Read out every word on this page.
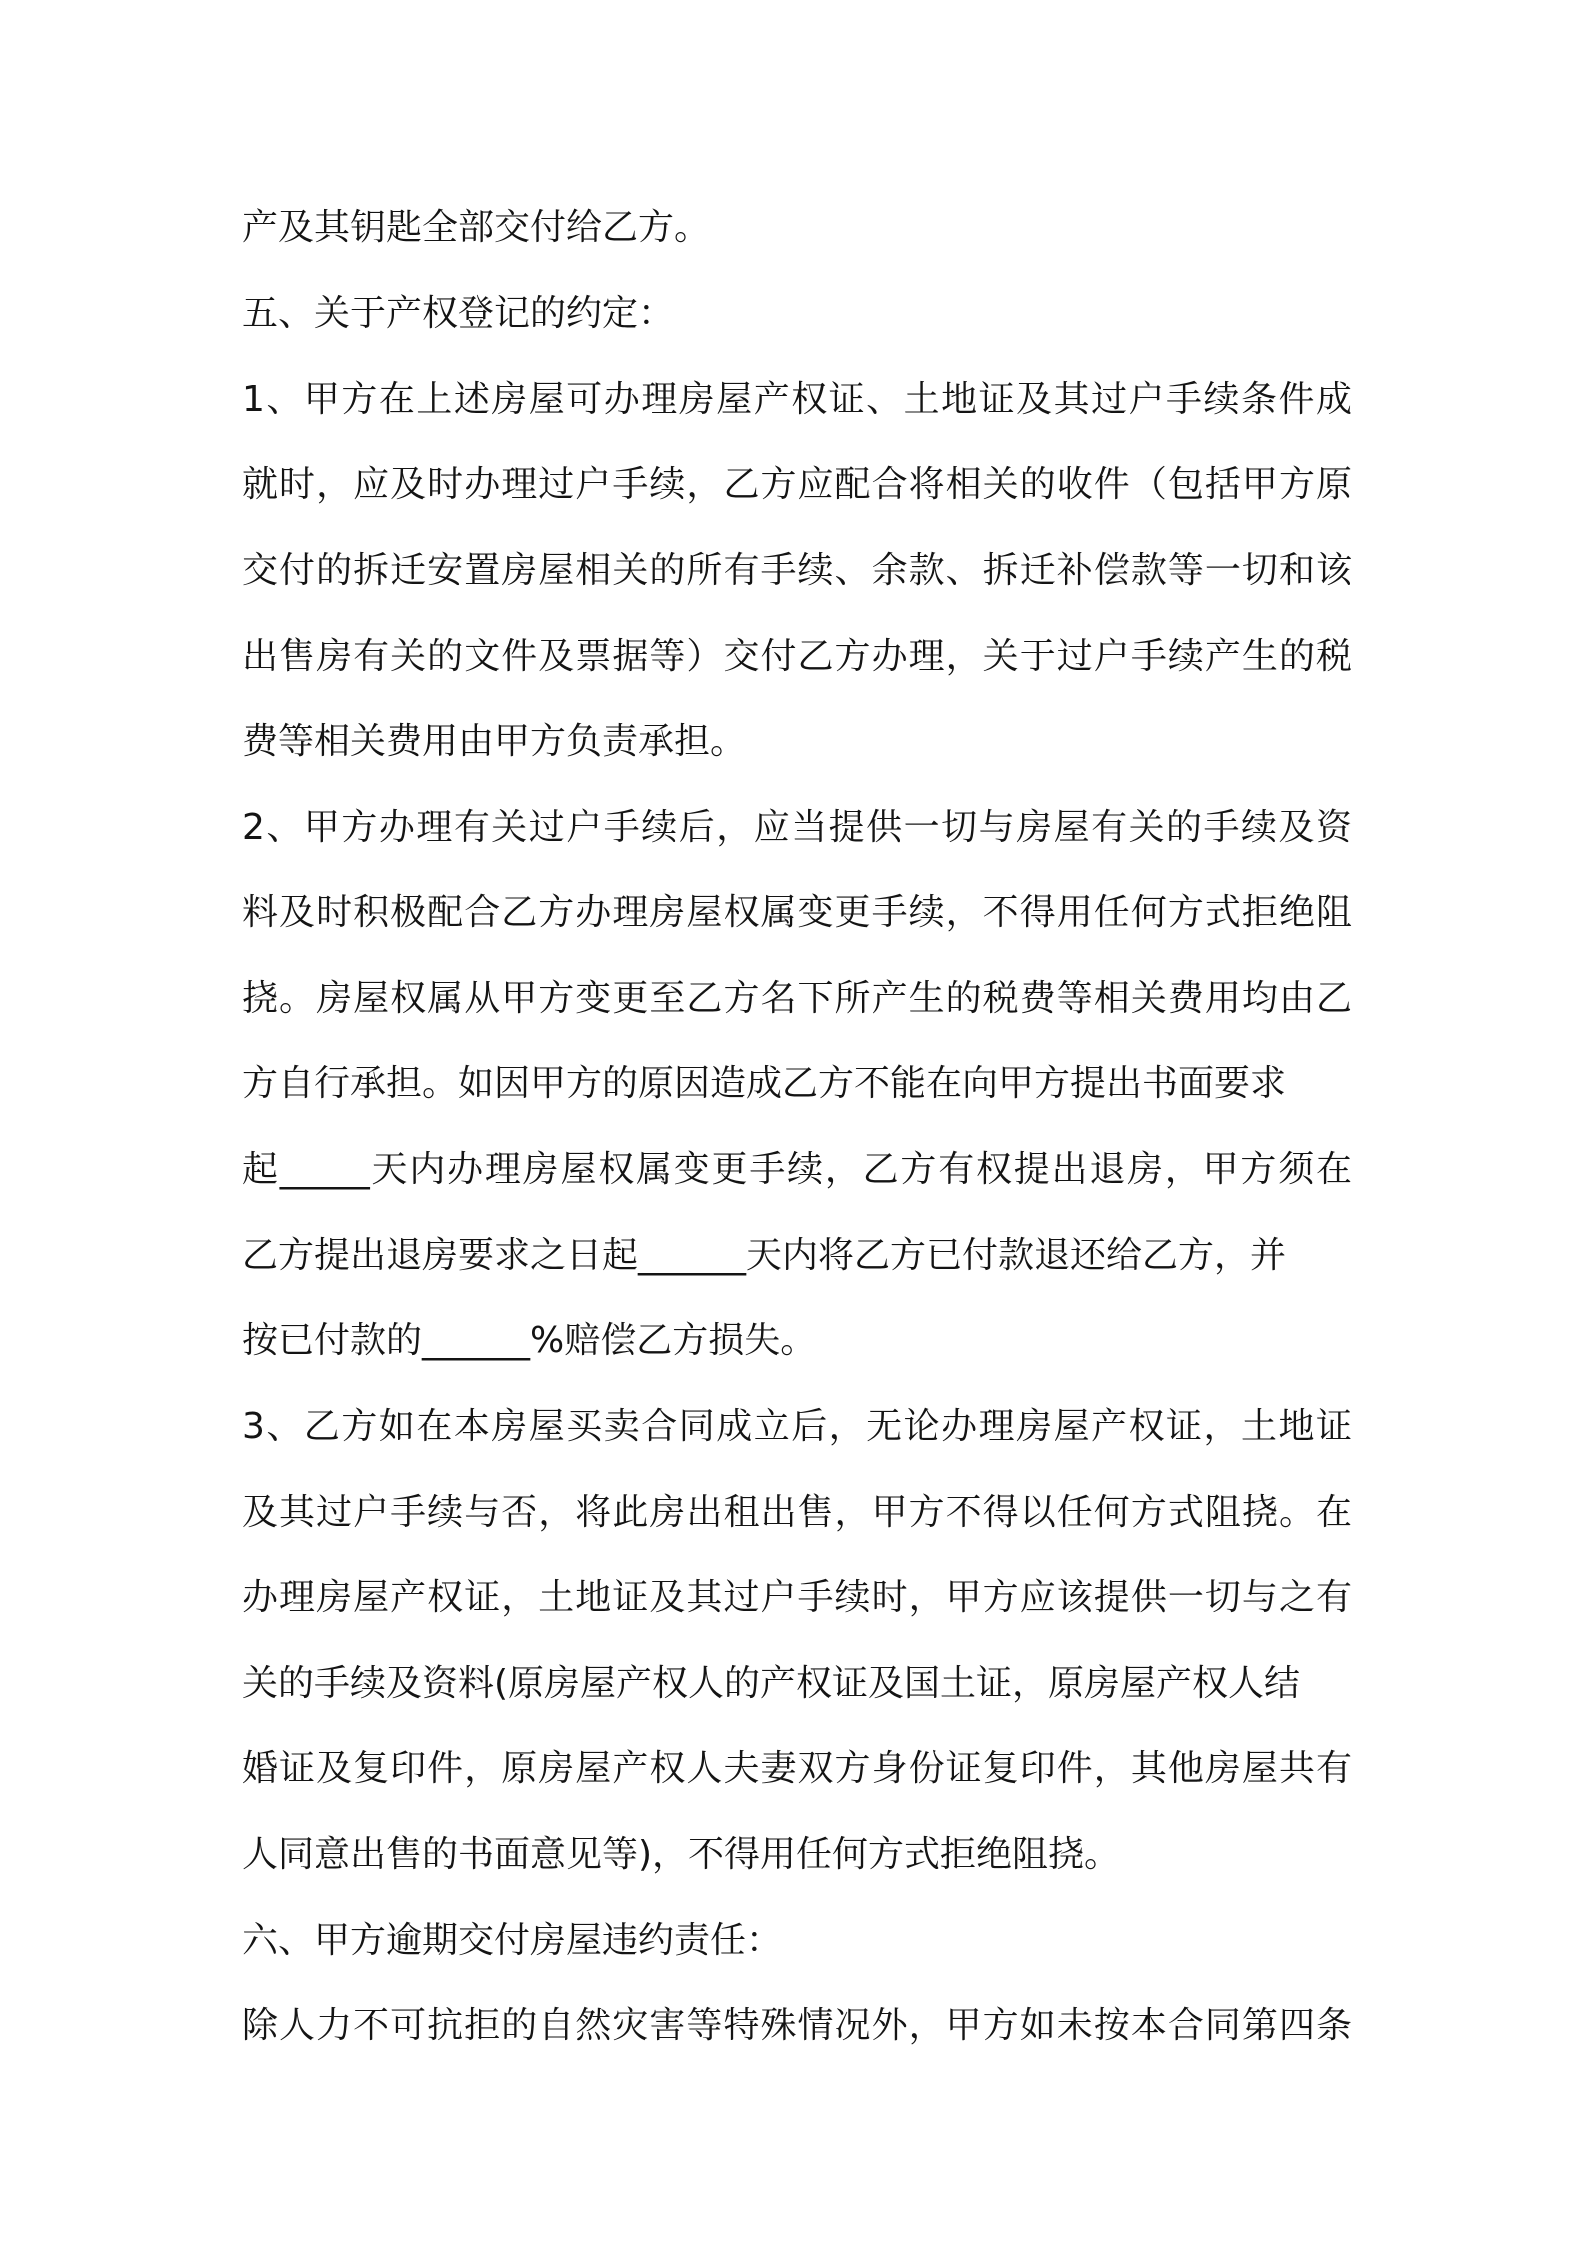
产及其钥匙全部交付给乙方。

五、关于产权登记的约定：

1、甲方在上述房屋可办理房屋产权证、土地证及其过户手续条件成

就时，应及时办理过户手续，乙方应配合将相关的收件（包括甲方原

交付的拆迁安置房屋相关的所有手续、余款、拆迁补偿款等一切和该

出售房有关的文件及票据等）交付乙方办理，关于过户手续产生的税

费等相关费用由甲方负责承担。

2、甲方办理有关过户手续后，应当提供一切与房屋有关的手续及资

料及时积极配合乙方办理房屋权属变更手续，不得用任何方式拒绝阻

挠。房屋权属从甲方变更至乙方名下所产生的税费等相关费用均由乙

方自行承担。如因甲方的原因造成乙方不能在向甲方提出书面要求

起_____天内办理房屋权属变更手续，乙方有权提出退房，甲方须在

乙方提出退房要求之日起______天内将乙方已付款退还给乙方，并

按已付款的______%赔偿乙方损失。

3、乙方如在本房屋买卖合同成立后，无论办理房屋产权证，土地证

及其过户手续与否，将此房出租出售，甲方不得以任何方式阻挠。在

办理房屋产权证，土地证及其过户手续时，甲方应该提供一切与之有

关的手续及资料(原房屋产权人的产权证及国土证，原房屋产权人结

婚证及复印件，原房屋产权人夫妻双方身份证复印件，其他房屋共有

人同意出售的书面意见等)，不得用任何方式拒绝阻挠。

六、甲方逾期交付房屋违约责任：

除人力不可抗拒的自然灾害等特殊情况外，甲方如未按本合同第四条
